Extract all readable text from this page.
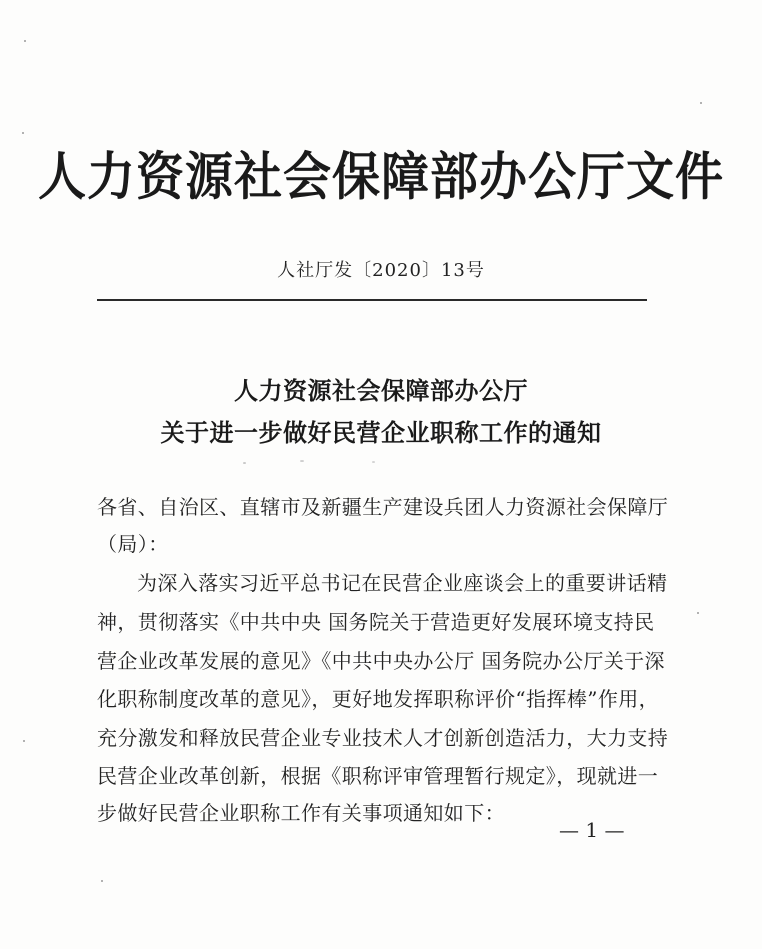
人力资源社会保障部办公厅文件
人社厅发〔2020〕13号
人力资源社会保障部办公厅
关于进一步做好民营企业职称工作的通知
各省、自治区、直辖市及新疆生产建设兵团人力资源社会保障厅
（局）：
为深入落实习近平总书记在民营企业座谈会上的重要讲话精
神，贯彻落实《中共中央 国务院关于营造更好发展环境支持民
营企业改革发展的意见》《中共中央办公厅 国务院办公厅关于深
化职称制度改革的意见》，更好地发挥职称评价“指挥棒”作用，
充分激发和释放民营企业专业技术人才创新创造活力，大力支持
民营企业改革创新，根据《职称评审管理暂行规定》，现就进一
步做好民营企业职称工作有关事项通知如下：
— 1 —
